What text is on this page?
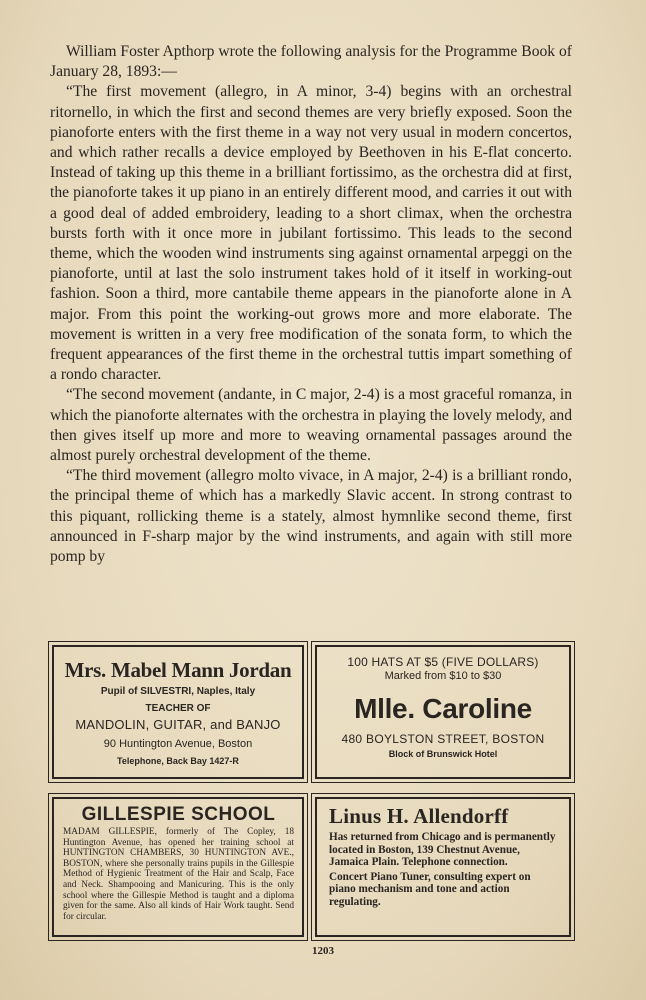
William Foster Apthorp wrote the following analysis for the Programme Book of January 28, 1893:—

“The first movement (allegro, in A minor, 3-4) begins with an orchestral ritornello, in which the first and second themes are very briefly exposed. Soon the pianoforte enters with the first theme in a way not very usual in modern concertos, and which rather recalls a device employed by Beethoven in his E-flat concerto. Instead of taking up this theme in a brilliant fortissimo, as the orchestra did at first, the pianoforte takes it up piano in an entirely different mood, and carries it out with a good deal of added embroidery, leading to a short climax, when the orchestra bursts forth with it once more in jubilant fortissimo. This leads to the second theme, which the wooden wind instruments sing against ornamental arpeggi on the pianoforte, until at last the solo instrument takes hold of it itself in working-out fashion. Soon a third, more cantabile theme appears in the pianoforte alone in A major. From this point the working-out grows more and more elaborate. The movement is written in a very free modification of the sonata form, to which the frequent appearances of the first theme in the orchestral tuttis impart something of a rondo character.

“The second movement (andante, in C major, 2-4) is a most graceful romanza, in which the pianoforte alternates with the orchestra in playing the lovely melody, and then gives itself up more and more to weaving ornamental passages around the almost purely orchestral development of the theme.

“The third movement (allegro molto vivace, in A major, 2-4) is a brilliant rondo, the principal theme of which has a markedly Slavic accent. In strong contrast to this piquant, rollicking theme is a stately, almost hymnlike second theme, first announced in F-sharp major by the wind instruments, and again with still more pomp by

Mrs. Mabel Mann Jordan
Pupil of SILVESTRI, Naples, Italy
TEACHER OF
MANDOLIN, GUITAR, and BANJO
90 Huntington Avenue, Boston
Telephone, Back Bay 1427-R
100 HATS AT $5 (FIVE DOLLARS)
Marked from $10 to $30
Mlle. Caroline
480 BOYLSTON STREET, BOSTON
Block of Brunswick Hotel
GILLESPIE SCHOOL
MADAM GILLESPIE, formerly of The Copley, 18 Huntington Avenue, has opened her training school at HUNTINGTON CHAMBERS, 30 HUNTINGTON AVE., BOSTON, where she personally trains pupils in the Gillespie Method of Hygienic Treatment of the Hair and Scalp, Face and Neck. Shampooing and Manicuring. This is the only school where the Gillespie Method is taught and a diploma given for the same. Also all kinds of Hair Work taught. Send for circular.
Linus H. Allendorff
Has returned from Chicago and is permanently located in Boston, 139 Chestnut Avenue, Jamaica Plain. Telephone connection.
Concert Piano Tuner, consulting expert on piano mechanism and tone and action regulating.
1203
